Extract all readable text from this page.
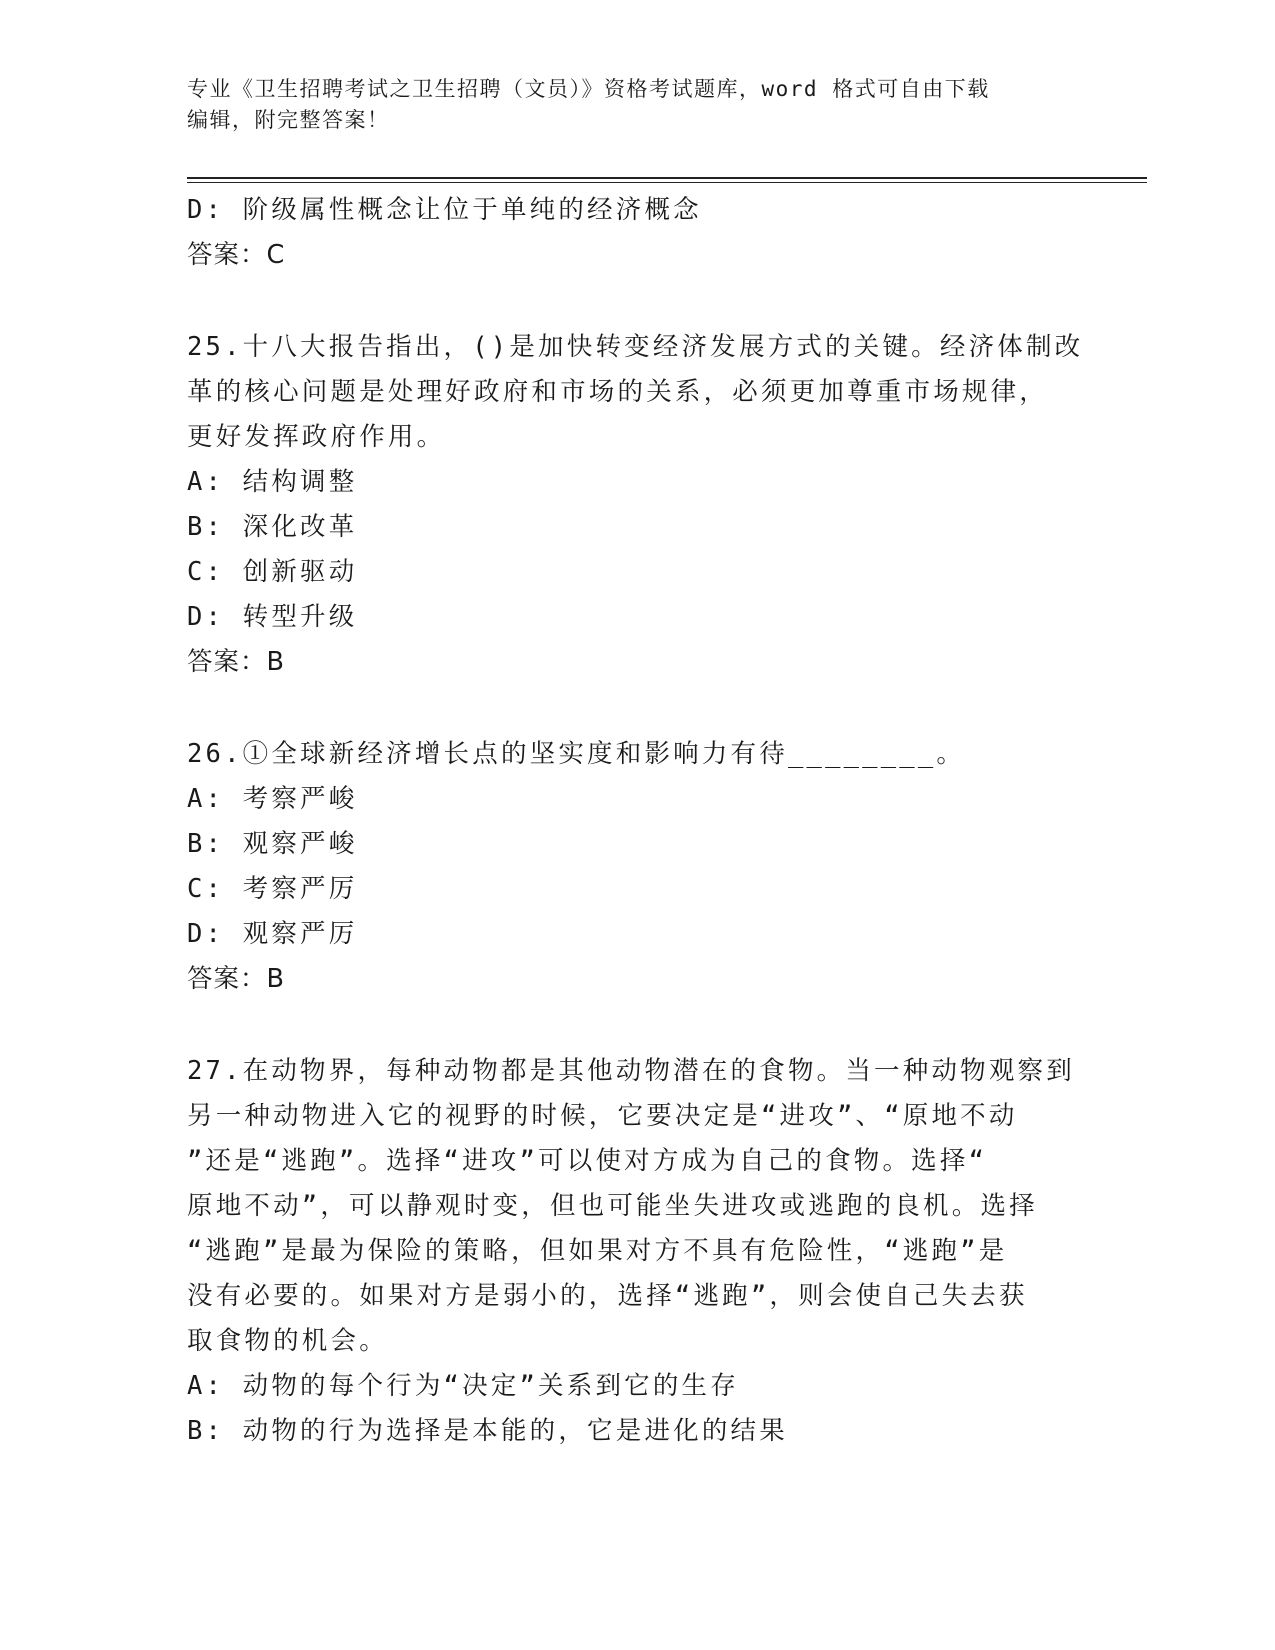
专业《卫生招聘考试之卫生招聘（文员）》资格考试题库，word 格式可自由下载
编辑，附完整答案！
D: 阶级属性概念让位于单纯的经济概念
答案：C
25.十八大报告指出，()是加快转变经济发展方式的关键。经济体制改
革的核心问题是处理好政府和市场的关系，必须更加尊重市场规律，
更好发挥政府作用。
A: 结构调整
B: 深化改革
C: 创新驱动
D: 转型升级
答案：B
26.①全球新经济增长点的坚实度和影响力有待________。
A: 考察严峻
B: 观察严峻
C: 考察严厉
D: 观察严厉
答案：B
27.在动物界，每种动物都是其他动物潜在的食物。当一种动物观察到
另一种动物进入它的视野的时候，它要决定是“进攻”、“原地不动
”还是“逃跑”。选择“进攻”可以使对方成为自己的食物。选择“
原地不动”，可以静观时变，但也可能坐失进攻或逃跑的良机。选择
“逃跑”是最为保险的策略，但如果对方不具有危险性，“逃跑”是
没有必要的。如果对方是弱小的，选择“逃跑”，则会使自己失去获
取食物的机会。
A: 动物的每个行为“决定”关系到它的生存
B: 动物的行为选择是本能的，它是进化的结果
